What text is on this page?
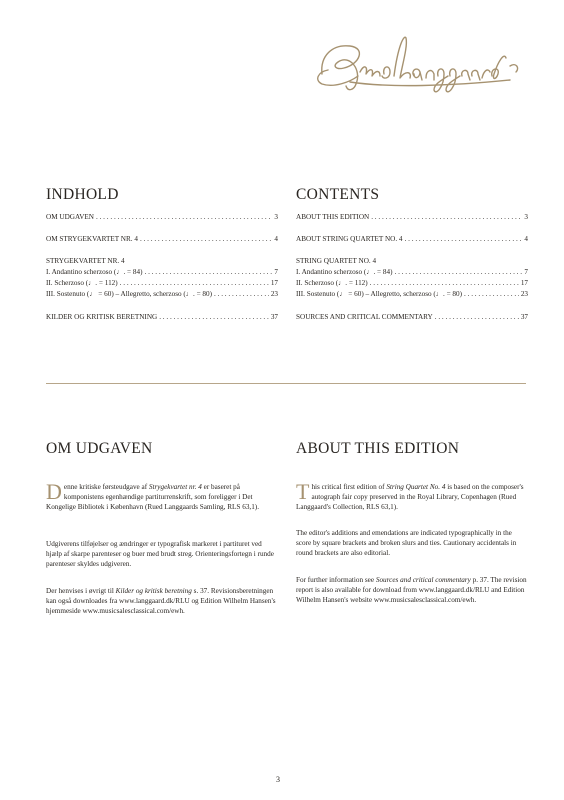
INDHOLD
OM UDGAVEN . . .	3
OM STRYGEKVARTET NR. 4 . . .	4
STRYGEKVARTET NR. 4
I. Andantino scherzoso (♩. = 84) . . .	7
II. Scherzoso (♩. = 112) . . .	17
III. Sostenuto (♩ = 60) – Allegretto, scherzoso (♩. = 80) . . .	23
KILDER OG KRITISK BERETNING . . .	37
CONTENTS
ABOUT THIS EDITION . . .	3
ABOUT STRING QUARTET NO. 4 . . .	4
STRING QUARTET NO. 4
I. Andantino scherzoso (♩. = 84) . . .	7
II. Scherzoso (♩. = 112) . . .	17
III. Sostenuto (♩ = 60) – Allegretto, scherzoso (♩. = 80) . . .	23
SOURCES AND CRITICAL COMMENTARY . . .	37
OM UDGAVEN

Denne kritiske førsteudgave af Strygekvartet nr. 4 er baseret på komponistens egenhændige partiturrenskrift, som foreligger i Det Kongelige Bibliotek i København (Rued Langgaards Samling, RLS 63,1).

Udgiverens tilføjelser og ændringer er typografisk markeret i partituret ved hjælp af skarpe parenteser og buer med brudt streg. Orienteringsfortegn i runde parenteser skyldes udgiveren.

Der henvises i øvrigt til Kilder og kritisk beretning s. 37. Revisionsberetningen kan også downloades fra www.langgaard.dk/RLU og Edition Wilhelm Hansen's hjemmeside www.musicsalesclassical.com/ewh.

ABOUT THIS EDITION

This critical first edition of String Quartet No. 4 is based on the composer's autograph fair copy preserved in the Royal Library, Copenhagen (Rued Langgaard's Collection, RLS 63,1).

The editor's additions and emendations are indicated typographically in the score by square brackets and broken slurs and ties. Cautionary accidentals in round brackets are also editorial.

For further information see Sources and critical commentary p. 37. The revision report is also available for download from www.langgaard.dk/RLU and Edition Wilhelm Hansen's website www.musicsalesclassical.com/ewh.

3
